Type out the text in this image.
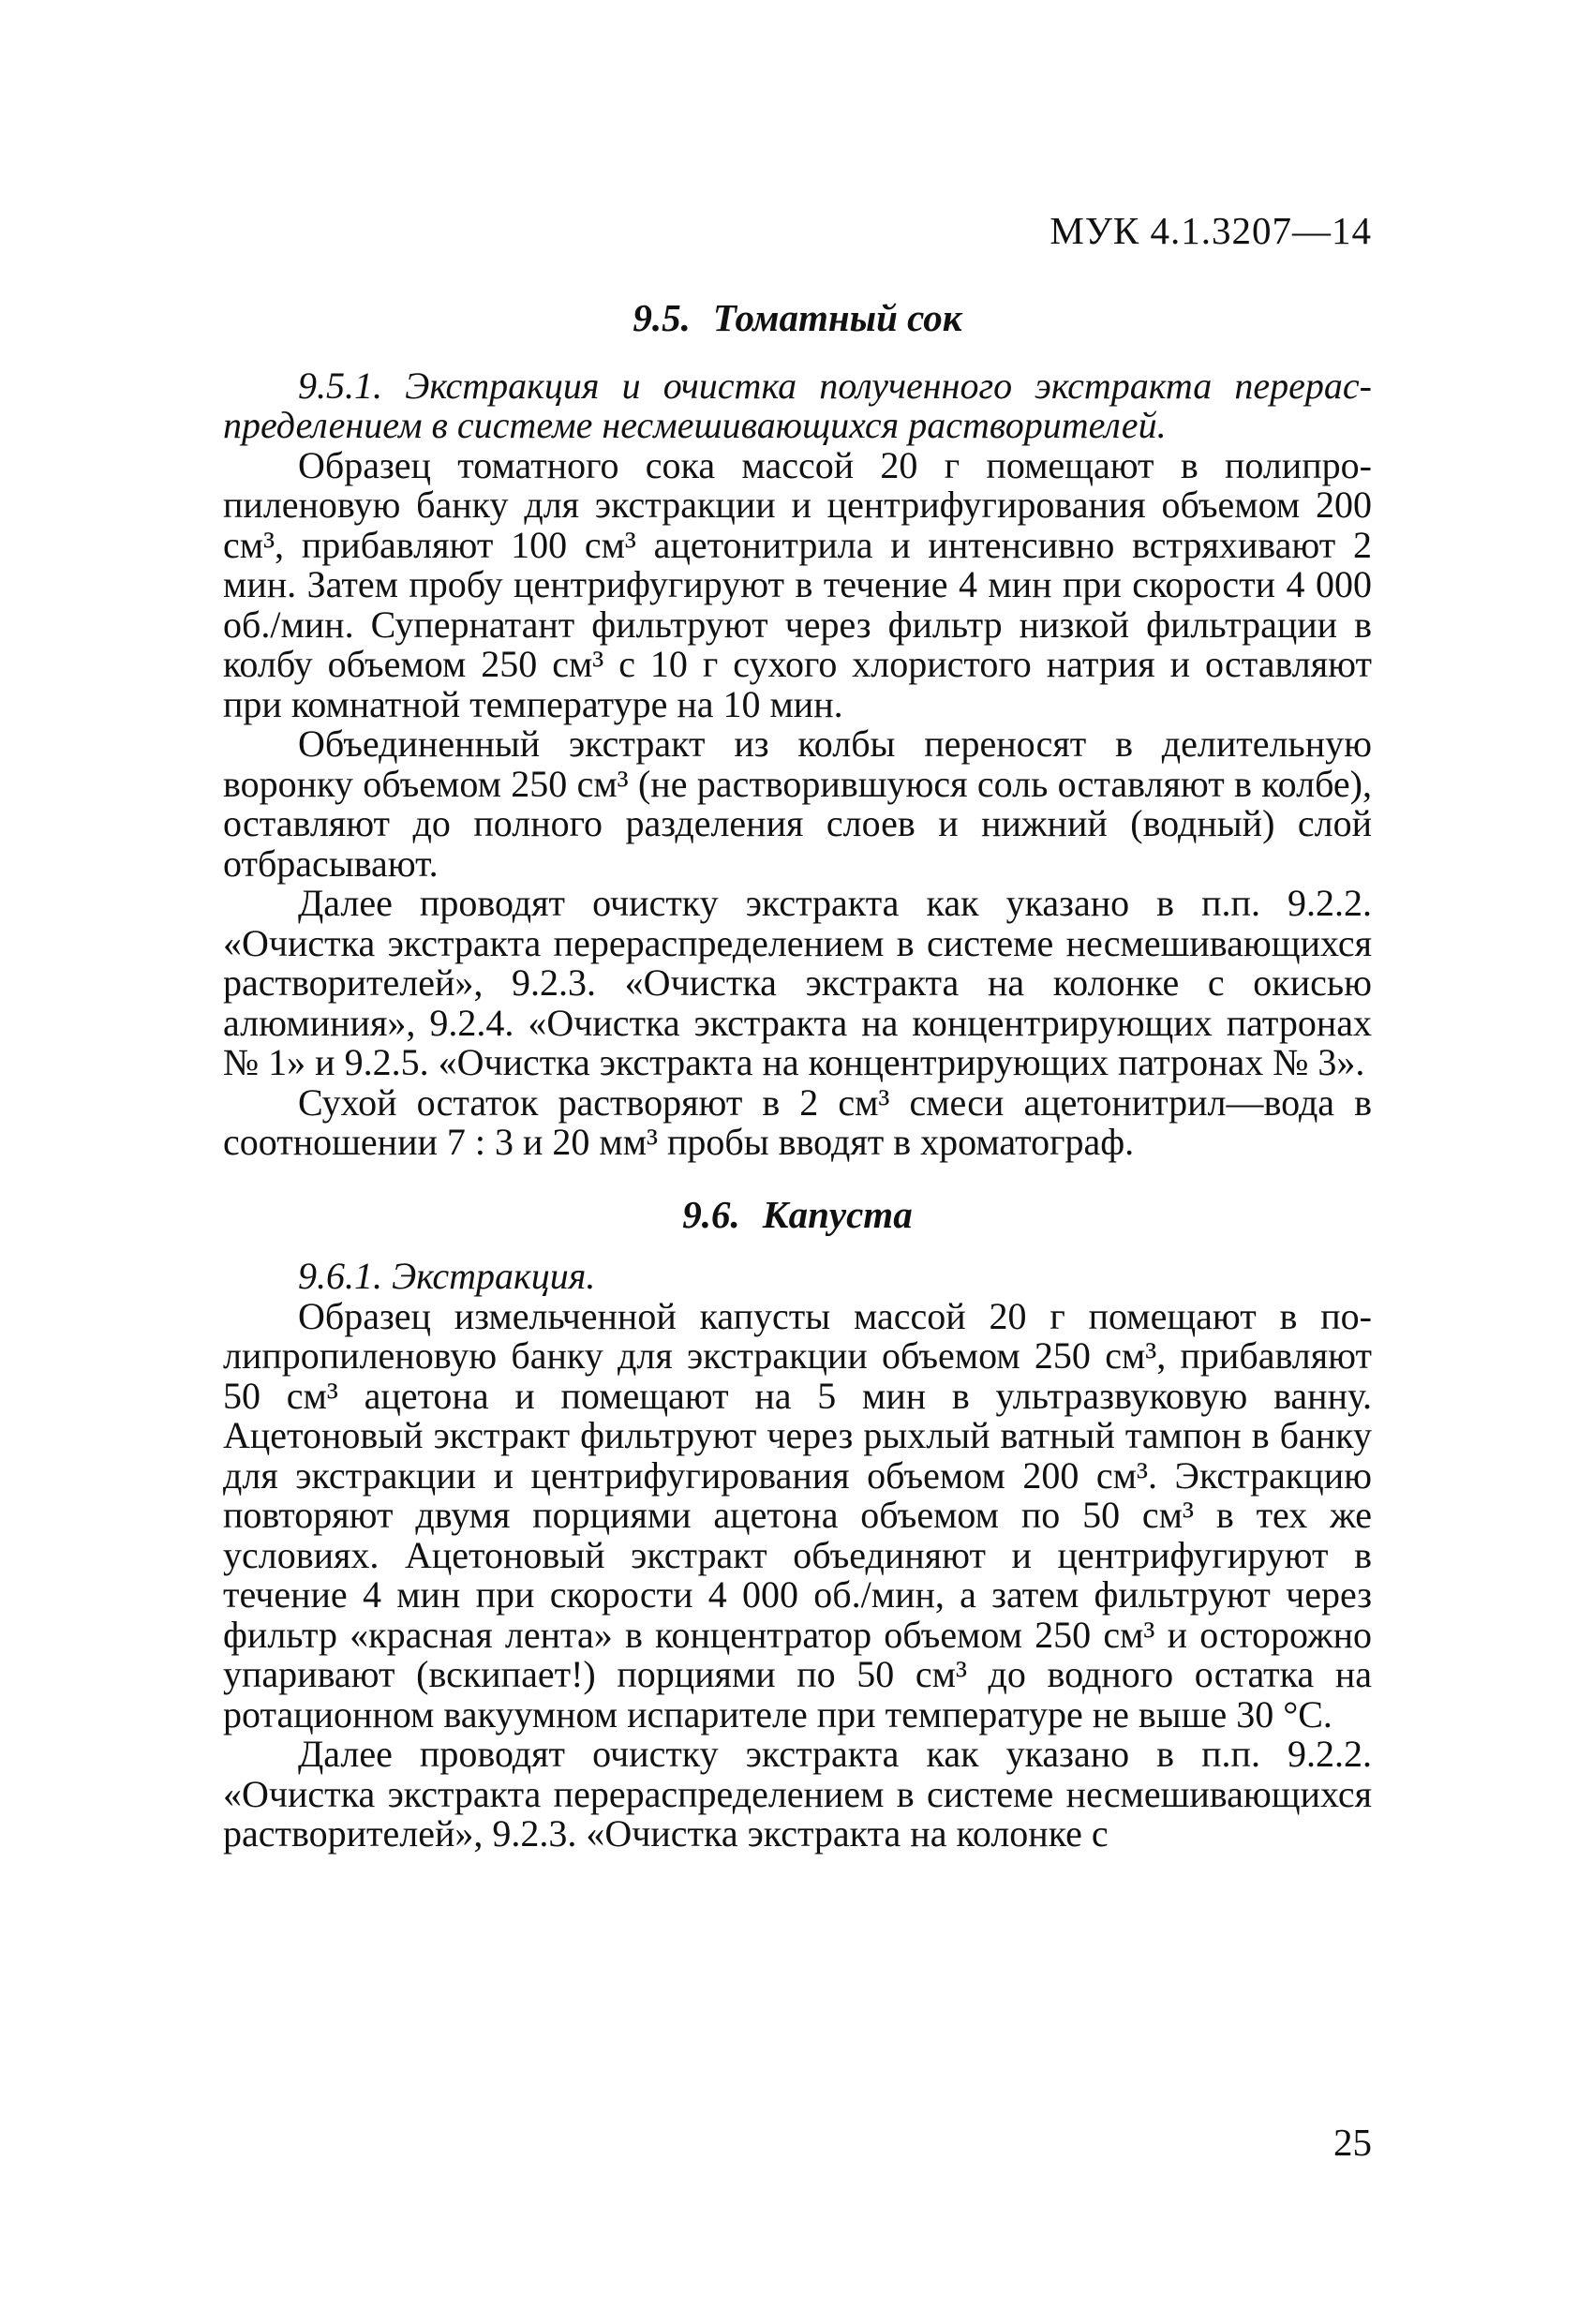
МУК 4.1.3207—14
9.5. Томатный сок

9.5.1. Экстракция и очистка полученного экстракта перераспределением в системе несмешивающихся растворителей.

Образец томатного сока массой 20 г помещают в полипропиленовую банку для экстракции и центрифугирования объемом 200 см³, прибавляют 100 см³ ацетонитрила и интенсивно встряхивают 2 мин. Затем пробу центрифугируют в течение 4 мин при скорости 4 000 об./мин. Супернатант фильтруют через фильтр низкой фильтрации в колбу объемом 250 см³ с 10 г сухого хлористого натрия и оставляют при комнатной температуре на 10 мин.

Объединенный экстракт из колбы переносят в делительную воронку объемом 250 см³ (не растворившуюся соль оставляют в колбе), оставляют до полного разделения слоев и нижний (водный) слой отбрасывают.

Далее проводят очистку экстракта как указано в п.п. 9.2.2. «Очистка экстракта перераспределением в системе несмешивающихся растворителей», 9.2.3. «Очистка экстракта на колонке с окисью алюминия», 9.2.4. «Очистка экстракта на концентрирующих патронах № 1» и 9.2.5. «Очистка экстракта на концентрирующих патронах № 3».

Сухой остаток растворяют в 2 см³ смеси ацетонитрил—вода в соотношении 7 : 3 и 20 мм³ пробы вводят в хроматограф.

9.6. Капуста

9.6.1. Экстракция.

Образец измельченной капусты массой 20 г помещают в полипропиленовую банку для экстракции объемом 250 см³, прибавляют 50 см³ ацетона и помещают на 5 мин в ультразвуковую ванну. Ацетоновый экстракт фильтруют через рыхлый ватный тампон в банку для экстракции и центрифугирования объемом 200 см³. Экстракцию повторяют двумя порциями ацетона объемом по 50 см³ в тех же условиях. Ацетоновый экстракт объединяют и центрифугируют в течение 4 мин при скорости 4 000 об./мин, а затем фильтруют через фильтр «красная лента» в концентратор объемом 250 см³ и осторожно упаривают (вскипает!) порциями по 50 см³ до водного остатка на ротационном вакуумном испарителе при температуре не выше 30 °С.

Далее проводят очистку экстракта как указано в п.п. 9.2.2. «Очистка экстракта перераспределением в системе несмешивающихся растворителей», 9.2.3. «Очистка экстракта на колонке с

25
